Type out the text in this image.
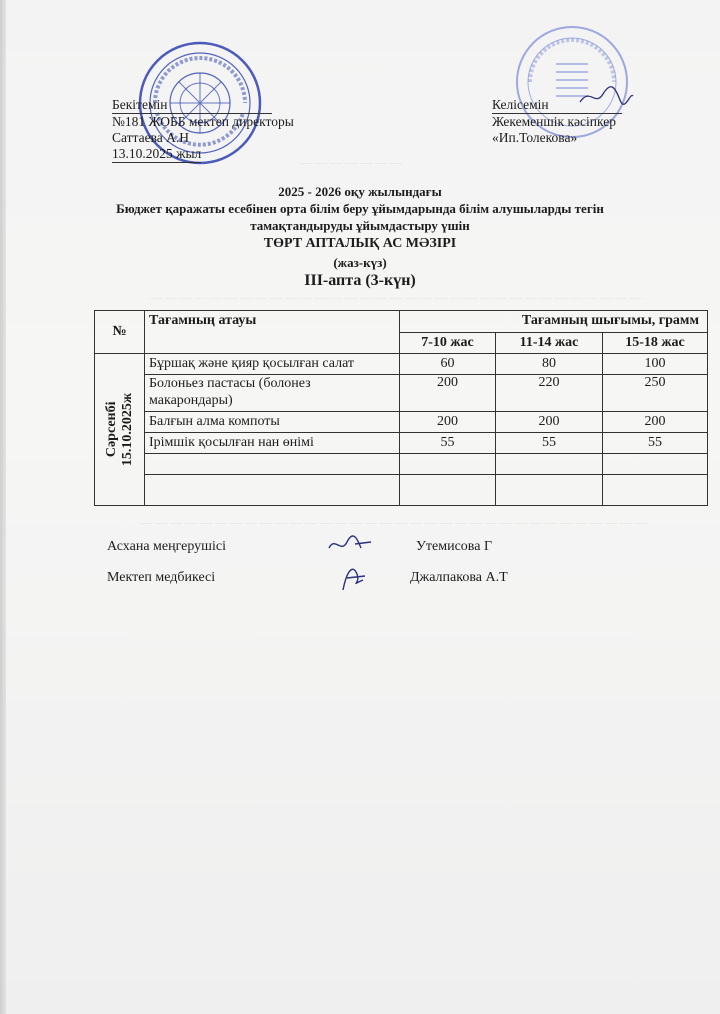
— — — — — — —
— — — — — — — — — — — — — — — — — — — — — — — — — — — — — — — — —
— — — — — — — — — — — — — — — — — — — — — — — — — — — — — — — — — —
Бекітемін
№181 ЖОББ мектеп директоры
Саттаева А.Н
13.10.2025 жыл
Келісемін
Жекеменшік кәсіпкер
«Ип.Толекова»
2025 - 2026 оқу жылындағы
Бюджет қаражаты есебінен орта білім беру ұйымдарында білім алушыларды тегін
тамақтандыруды ұйымдастыру үшін
ТӨРТ АПТАЛЫҚ АС МӘЗІРІ
(жаз-күз)
ІІІ-апта (3-күн)
№	Тағамның атауы	Тағамның шығымы, грамм		
		7-10 жас	11-14 жас	15-18 жас

Сәрсенбі
15.10.2025ж	Бұршақ және қияр қосылған салат	60	80	100
	Болоньез пастасы (болонез макарондары)	200	220	250
	Балғын алма компоты	200	200	200
	Ірімшік қосылған нан өнімі	55	55	55

Асхана меңгерушісі	Утемисова Г
Мектеп медбикесі	Джалпакова А.Т
